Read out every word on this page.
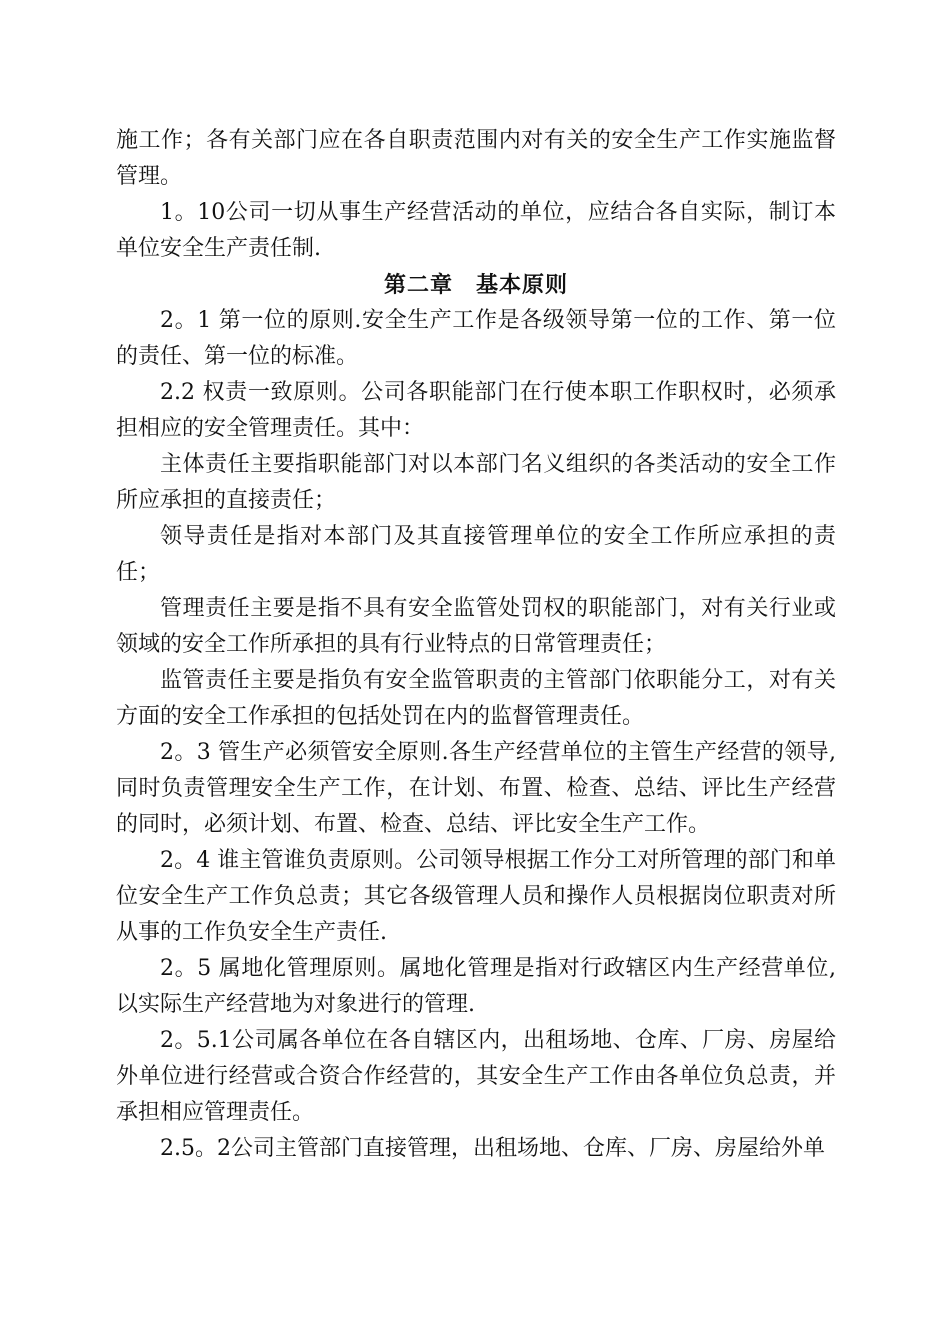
施工作；各有关部门应在各自职责范围内对有关的安全生产工作实施监督管理。

1。10公司一切从事生产经营活动的单位，应结合各自实际，制订本单位安全生产责任制.

第二章　基本原则

2。1 第一位的原则.安全生产工作是各级领导第一位的工作、第一位的责任、第一位的标准。

2.2 权责一致原则。公司各职能部门在行使本职工作职权时，必须承担相应的安全管理责任。其中：

主体责任主要指职能部门对以本部门名义组织的各类活动的安全工作所应承担的直接责任；

领导责任是指对本部门及其直接管理单位的安全工作所应承担的责任；

管理责任主要是指不具有安全监管处罚权的职能部门，对有关行业或领域的安全工作所承担的具有行业特点的日常管理责任；

监管责任主要是指负有安全监管职责的主管部门依职能分工，对有关方面的安全工作承担的包括处罚在内的监督管理责任。

2。3 管生产必须管安全原则.各生产经营单位的主管生产经营的领导,同时负责管理安全生产工作，在计划、布置、检查、总结、评比生产经营的同时，必须计划、布置、检查、总结、评比安全生产工作。

2。4 谁主管谁负责原则。公司领导根据工作分工对所管理的部门和单位安全生产工作负总责；其它各级管理人员和操作人员根据岗位职责对所从事的工作负安全生产责任.

2。5 属地化管理原则。属地化管理是指对行政辖区内生产经营单位,以实际生产经营地为对象进行的管理.

2。5.1公司属各单位在各自辖区内，出租场地、仓库、厂房、房屋给外单位进行经营或合资合作经营的，其安全生产工作由各单位负总责，并承担相应管理责任。

2.5。2公司主管部门直接管理，出租场地、仓库、厂房、房屋给外单
